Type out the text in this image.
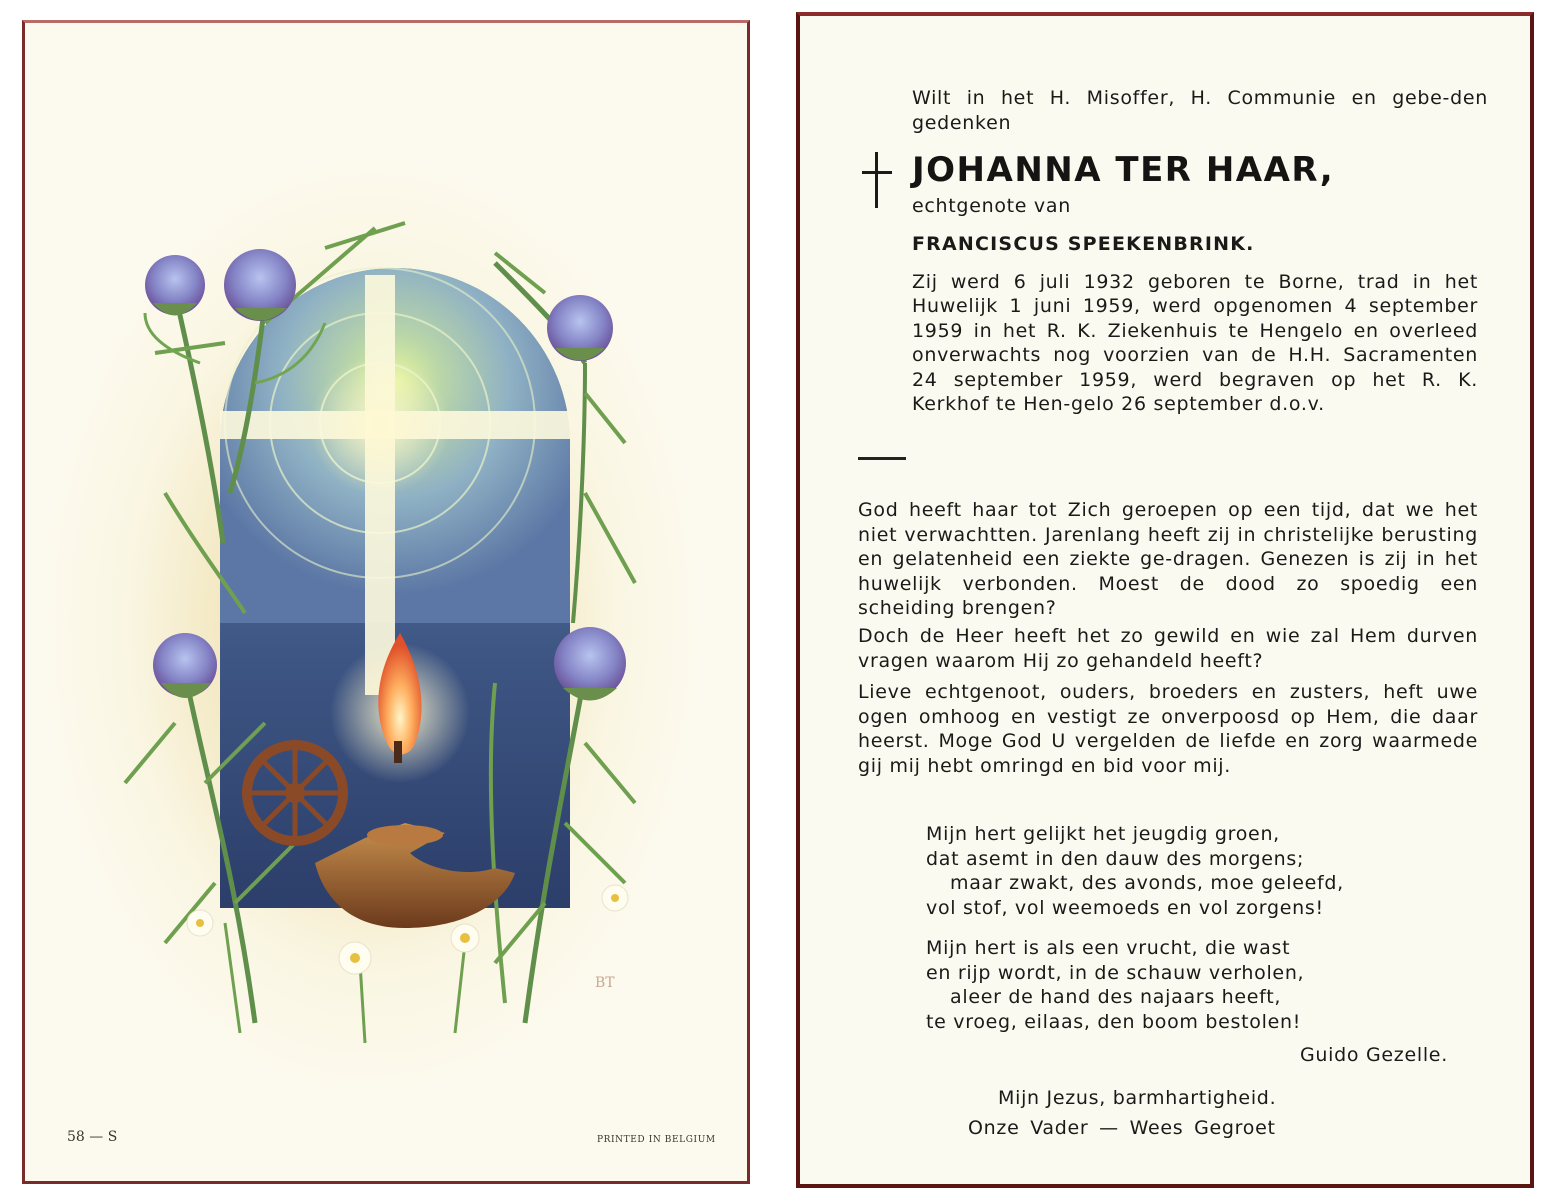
BT
58 — S	PRINTED IN BELGIUM
Wilt in het H. Misoffer, H. Communie en gebe-den gedenken
JOHANNA TER HAAR,
echtgenote van
FRANCISCUS SPEEKENBRINK.
Zij werd 6 juli 1932 geboren te Borne, trad in het Huwelijk 1 juni 1959, werd opgenomen 4 september 1959 in het R. K. Ziekenhuis te Hengelo en overleed onverwachts nog voorzien van de H.H. Sacramenten 24 september 1959, werd begraven op het R. K. Kerkhof te Hen-gelo 26 september d.o.v.
God heeft haar tot Zich geroepen op een tijd, dat we het niet verwachtten. Jarenlang heeft zij in christelijke berusting en gelatenheid een ziekte ge-dragen. Genezen is zij in het huwelijk verbonden. Moest de dood zo spoedig een scheiding brengen?
Doch de Heer heeft het zo gewild en wie zal Hem durven vragen waarom Hij zo gehandeld heeft?
Lieve echtgenoot, ouders, broeders en zusters, heft uwe ogen omhoog en vestigt ze onverpoosd op Hem, die daar heerst. Moge God U vergelden de liefde en zorg waarmede gij mij hebt omringd en bid voor mij.
Mijn hert gelijkt het jeugdig groen,
dat asemt in den dauw des morgens;
maar zwakt, des avonds, moe geleefd,
vol stof, vol weemoeds en vol zorgens!
Mijn hert is als een vrucht, die wast
en rijp wordt, in de schauw verholen,
aleer de hand des najaars heeft,
te vroeg, eilaas, den boom bestolen!
Guido Gezelle.
Mijn Jezus, barmhartigheid.
Onze Vader — Wees Gegroet
